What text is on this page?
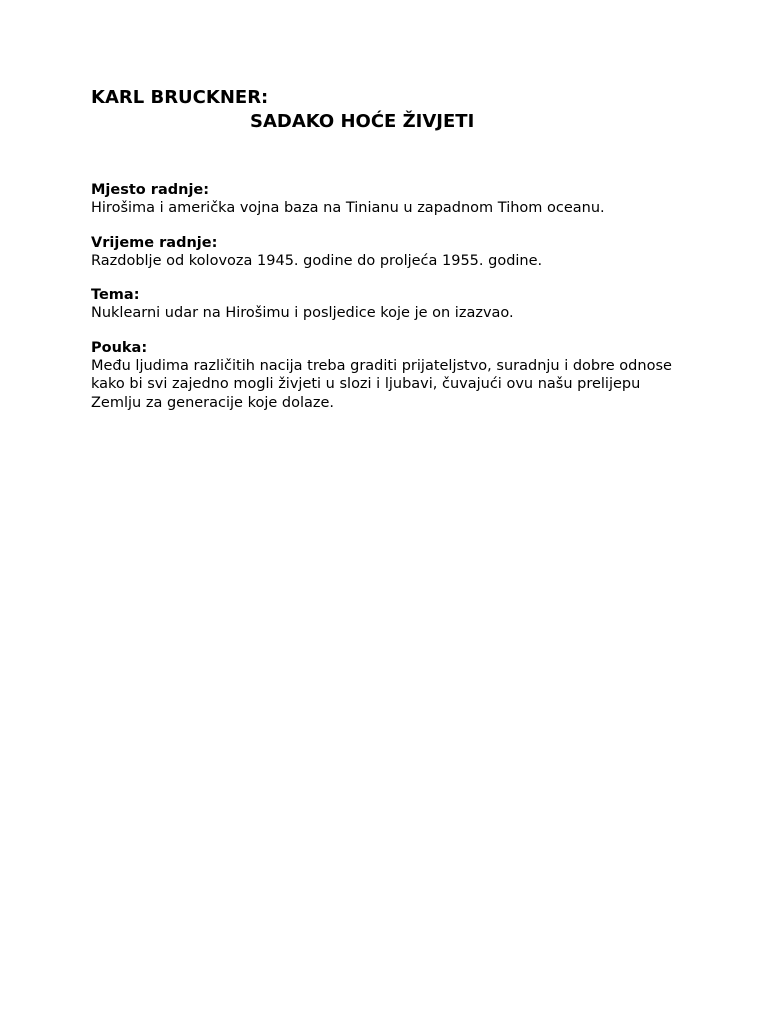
KARL BRUCKNER:
SADAKO HOĆE ŽIVJETI

Mjesto radnje:

Hirošima i američka vojna baza na Tinianu u zapadnom Tihom oceanu.

Vrijeme radnje:

Razdoblje od kolovoza 1945. godine do proljeća 1955. godine.

Tema:

Nuklearni udar na Hirošimu i posljedice koje je on izazvao.

Pouka:

Među ljudima različitih nacija treba graditi prijateljstvo, suradnju i dobre odnose kako bi svi zajedno mogli živjeti u slozi i ljubavi, čuvajući ovu našu prelijepu Zemlju za generacije koje dolaze.
